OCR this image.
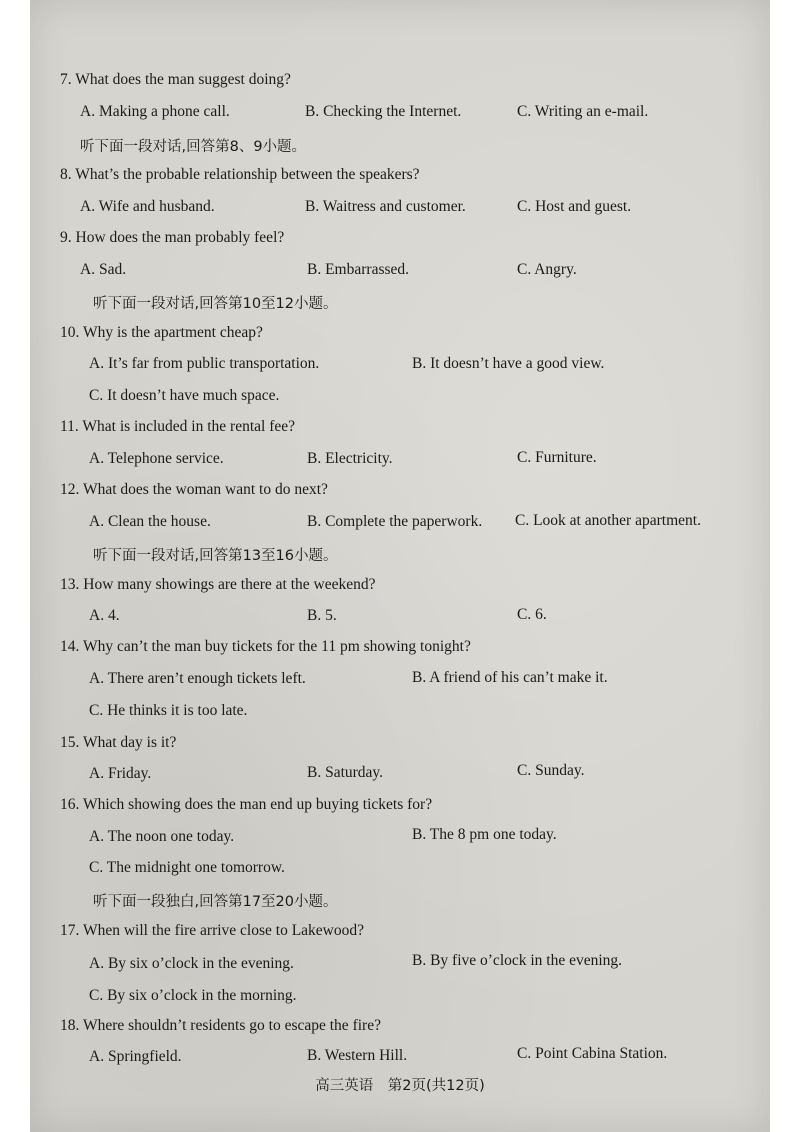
7. What does the man suggest doing?
A. Making a phone call.	B. Checking the Internet.	C. Writing an e-mail.
听下面一段对话,回答第8、9小题。
8. What’s the probable relationship between the speakers?
A. Wife and husband.	B. Waitress and customer.	C. Host and guest.
9. How does the man probably feel?
A. Sad.	B. Embarrassed.	C. Angry.
听下面一段对话,回答第10至12小题。
10. Why is the apartment cheap?
A. It’s far from public transportation.	B. It doesn’t have a good view.
C. It doesn’t have much space.
11. What is included in the rental fee?
A. Telephone service.	B. Electricity.	C. Furniture.
12. What does the woman want to do next?
A. Clean the house.	B. Complete the paperwork. C. Look at another apartment.
听下面一段对话,回答第13至16小题。
13. How many showings are there at the weekend?
A. 4.	B. 5.	C. 6.
14. Why can’t the man buy tickets for the 11 pm showing tonight?
A. There aren’t enough tickets left.	B. A friend of his can’t make it.
C. He thinks it is too late.
15. What day is it?
A. Friday.	B. Saturday.	C. Sunday.
16. Which showing does the man end up buying tickets for?
A. The noon one today.	B. The 8 pm one today.
C. The midnight one tomorrow.
听下面一段独白,回答第17至20小题。
17. When will the fire arrive close to Lakewood?
A. By six o’clock in the evening.	B. By five o’clock in the evening.
C. By six o’clock in the morning.
18. Where shouldn’t residents go to escape the fire?
A. Springfield.	B. Western Hill.	C. Point Cabina Station.
高三英语　第2页(共12页)
